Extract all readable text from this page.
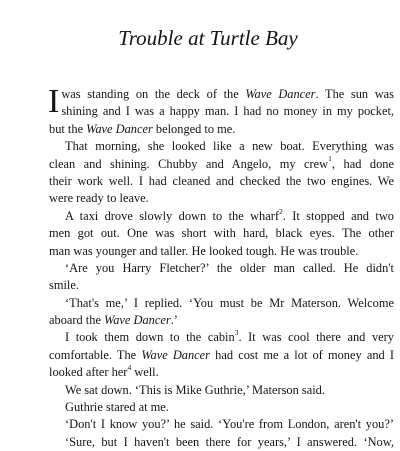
Trouble at Turtle Bay
I was standing on the deck of the Wave Dancer. The sun was
shining and I was a happy man. I had no money in my pocket,
but the Wave Dancer belonged to me.
That morning, she looked like a new boat. Everything was
clean and shining. Chubby and Angelo, my crew$^1$, had done
their work well. I had cleaned and checked the two engines. We
were ready to leave.
A taxi drove slowly down to the wharf$^2$. It stopped and two
men got out. One was short with hard, black eyes. The other
man was younger and taller. He looked tough. He was trouble.
‘Are you Harry Fletcher?’ the older man called. He didn't
smile.
‘That's me,’ I replied. ‘You must be Mr Materson. Welcome
aboard the Wave Dancer.’
I took them down to the cabin$^3$. It was cool there and very
comfortable. The Wave Dancer had cost me a lot of money and I
looked after her$^4$ well.
We sat down. ‘This is Mike Guthrie,’ Materson said.
Guthrie stared at me.
‘Don't I know you?’ he said. ‘You're from London, aren't you?’
‘Sure, but I haven't been there for years,’ I answered. ‘Now,
